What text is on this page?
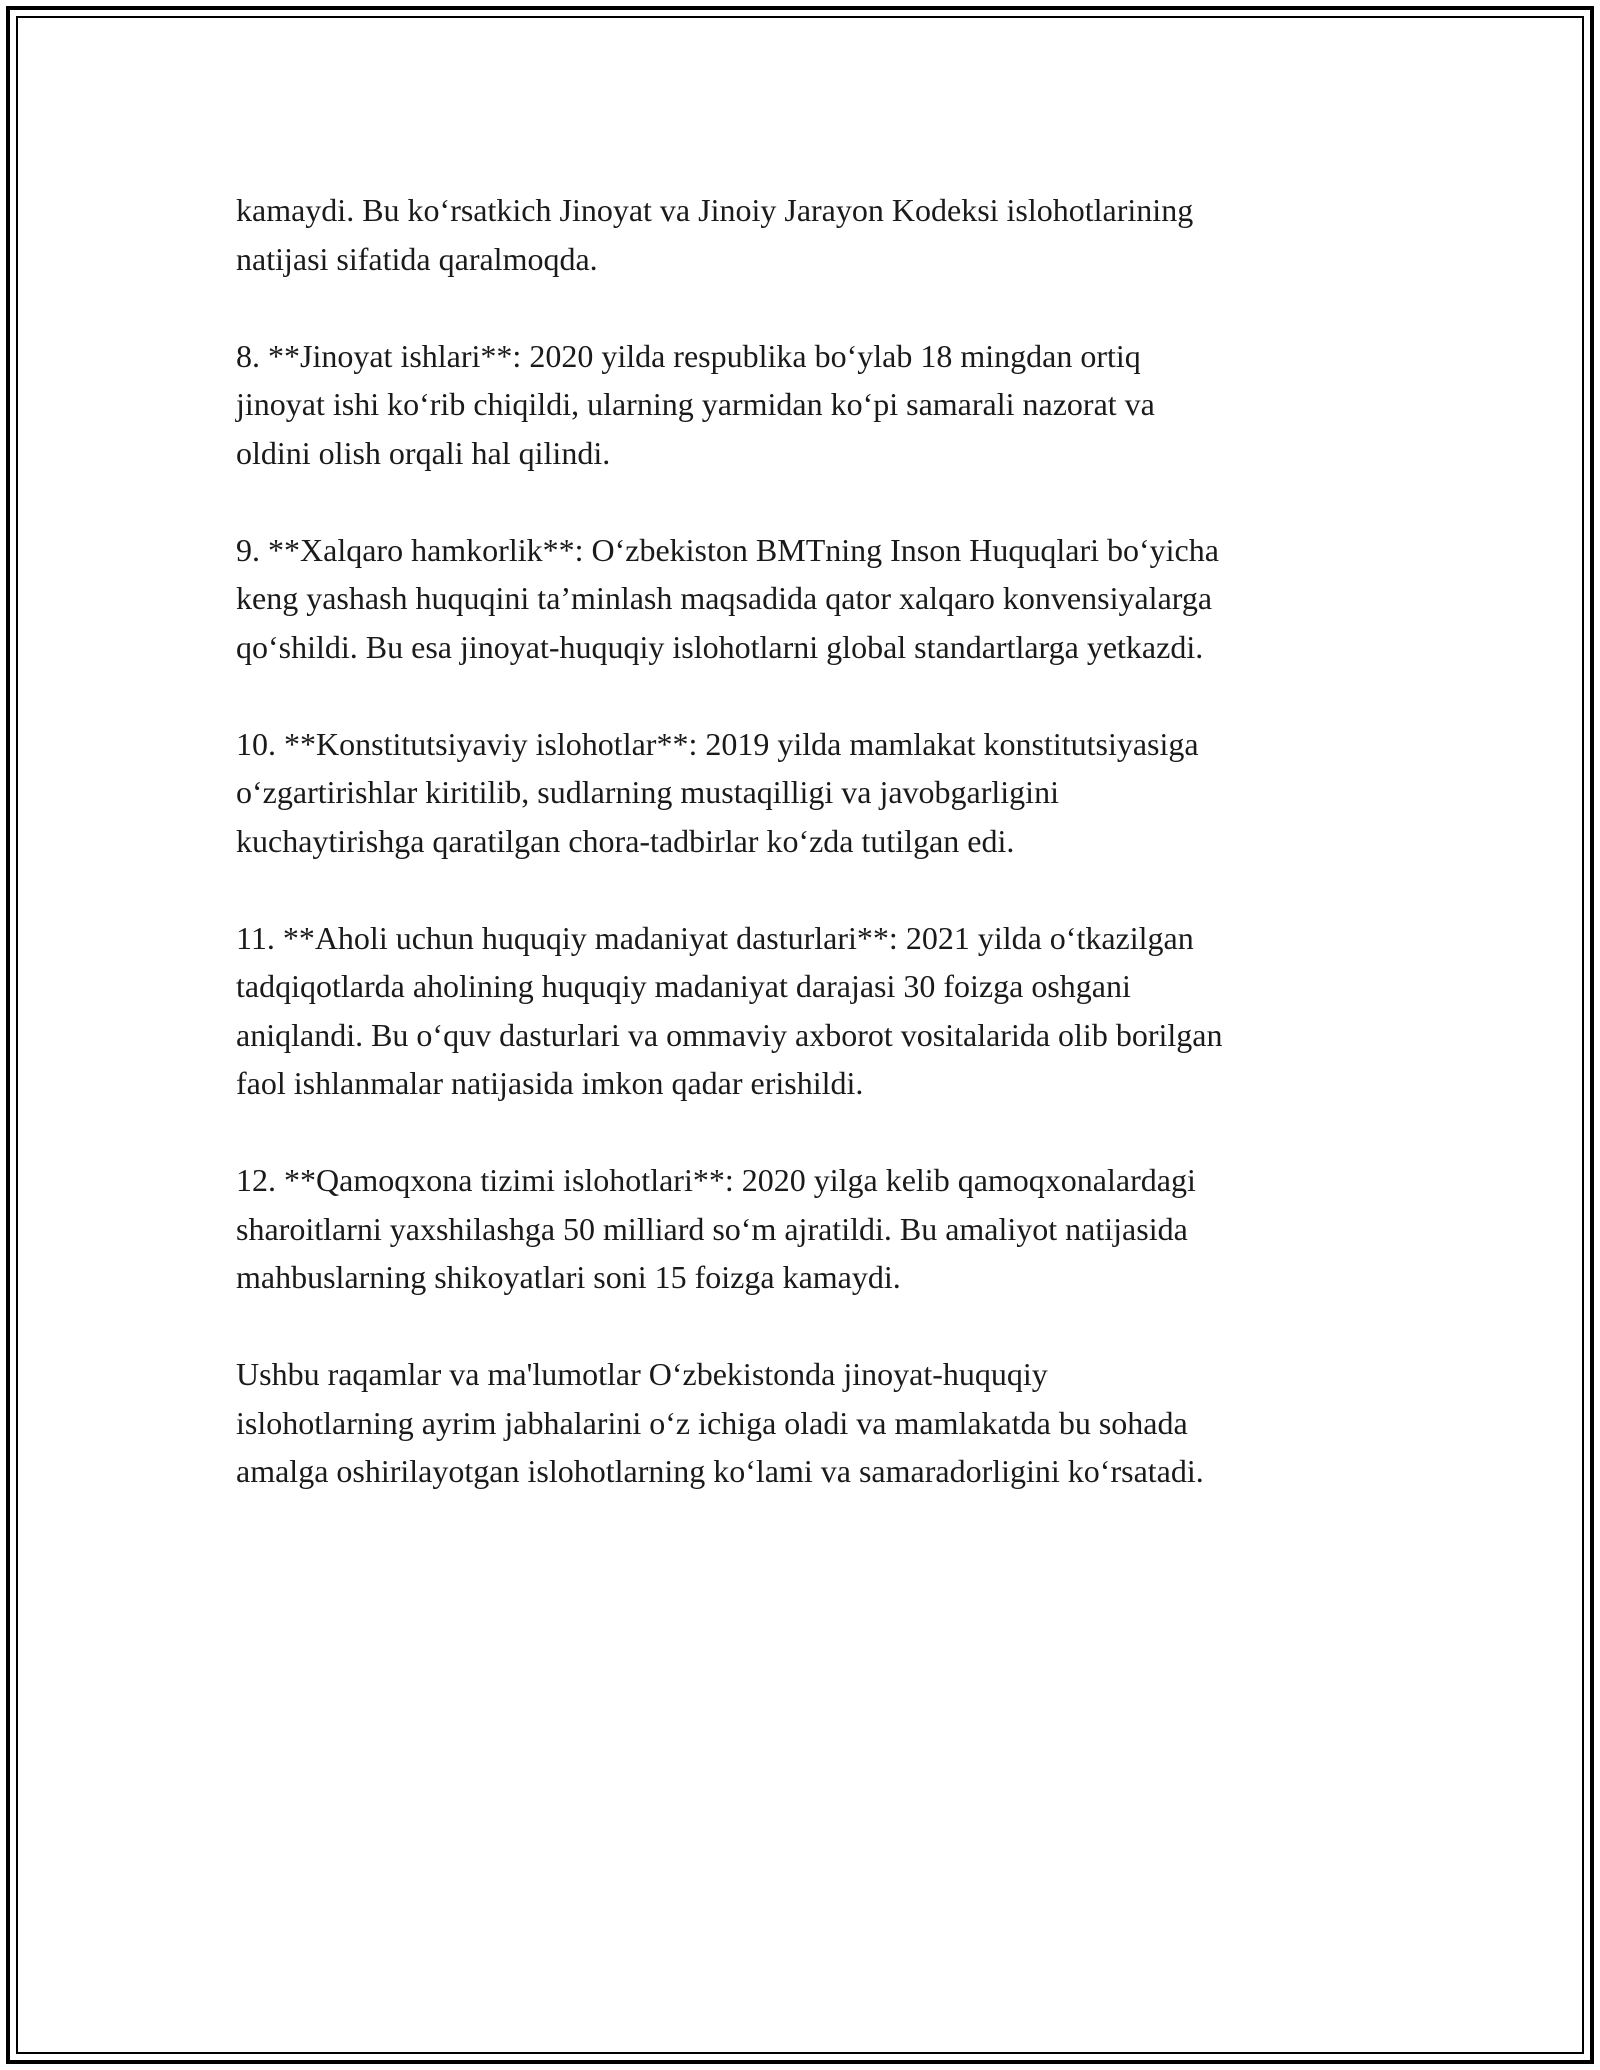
kamaydi. Bu ko‘rsatkich Jinoyat va Jinoiy Jarayon Kodeksi islohotlarining
natijasi sifatida qaralmoqda.

8. **Jinoyat ishlari**: 2020 yilda respublika bo‘ylab 18 mingdan ortiq
jinoyat ishi ko‘rib chiqildi, ularning yarmidan ko‘pi samarali nazorat va
oldini olish orqali hal qilindi.

9. **Xalqaro hamkorlik**: O‘zbekiston BMTning Inson Huquqlari bo‘yicha
keng yashash huquqini ta’minlash maqsadida qator xalqaro konvensiyalarga
qo‘shildi. Bu esa jinoyat-huquqiy islohotlarni global standartlarga yetkazdi.

10. **Konstitutsiyaviy islohotlar**: 2019 yilda mamlakat konstitutsiyasiga
o‘zgartirishlar kiritilib, sudlarning mustaqilligi va javobgarligini
kuchaytirishga qaratilgan chora-tadbirlar ko‘zda tutilgan edi.

11. **Aholi uchun huquqiy madaniyat dasturlari**: 2021 yilda o‘tkazilgan
tadqiqotlarda aholining huquqiy madaniyat darajasi 30 foizga oshgani
aniqlandi. Bu o‘quv dasturlari va ommaviy axborot vositalarida olib borilgan
faol ishlanmalar natijasida imkon qadar erishildi.

12. **Qamoqxona tizimi islohotlari**: 2020 yilga kelib qamoqxonalardagi
sharoitlarni yaxshilashga 50 milliard so‘m ajratildi. Bu amaliyot natijasida
mahbuslarning shikoyatlari soni 15 foizga kamaydi.

Ushbu raqamlar va ma'lumotlar O‘zbekistonda jinoyat-huquqiy
islohotlarning ayrim jabhalarini o‘z ichiga oladi va mamlakatda bu sohada
amalga oshirilayotgan islohotlarning ko‘lami va samaradorligini ko‘rsatadi.
